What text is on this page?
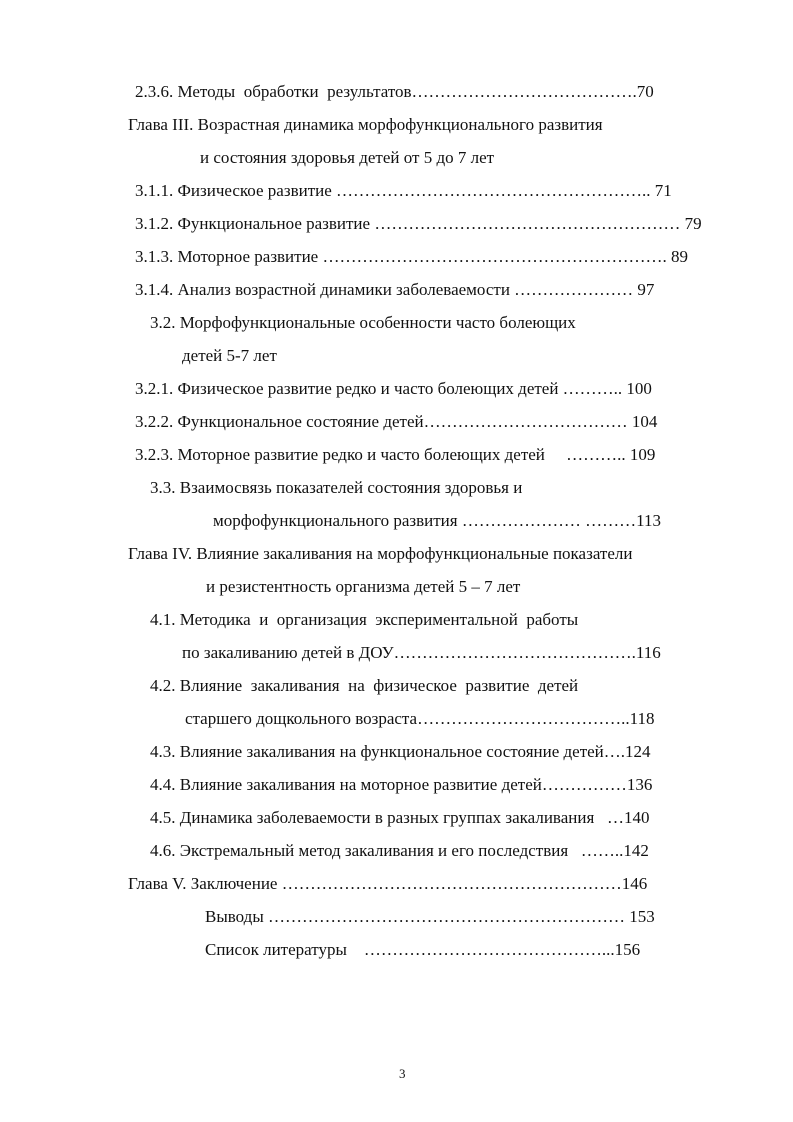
2.3.6. Методы  обработки  результатов………………………………….70
Глава III. Возрастная динамика морфофункционального развития
и состояния здоровья детей от 5 до 7 лет
3.1.1. Физическое развитие ……………………………………………….. 71
3.1.2. Функциональное развитие ……………………………………………… 79
3.1.3. Моторное развитие ……………………………………………………. 89
3.1.4. Анализ возрастной динамики заболеваемости ………………… 97
3.2. Морфофункциональные особенности часто болеющих
детей 5-7 лет
3.2.1. Физическое развитие редко и часто болеющих детей ……….. 100
3.2.2. Функциональное состояние детей……………………………… 104
3.2.3. Моторное развитие редко и часто болеющих детей     ……….. 109
3.3. Взаимосвязь показателей состояния здоровья и
морфофункционального развития ………………… ………113
Глава IV. Влияние закаливания на морфофункциональные показатели
и резистентность организма детей 5 – 7 лет
4.1. Методика  и  организация  экспериментальной  работы
по закаливанию детей в ДОУ…………………………………….116
4.2. Влияние  закаливания  на  физическое  развитие  детей
старшего дощкольного возраста………………………………..118
4.3. Влияние закаливания на функциональное состояние детей….124
4.4. Влияние закаливания на моторное развитие детей……………136
4.5. Динамика заболеваемости в разных группах закаливания   …140
4.6. Экстремальный метод закаливания и его последствия   ……..142
Глава V. Заключение ……………………………………………………146
Выводы ……………………………………………………… 153
Список литературы    ……………………………………...156
3
